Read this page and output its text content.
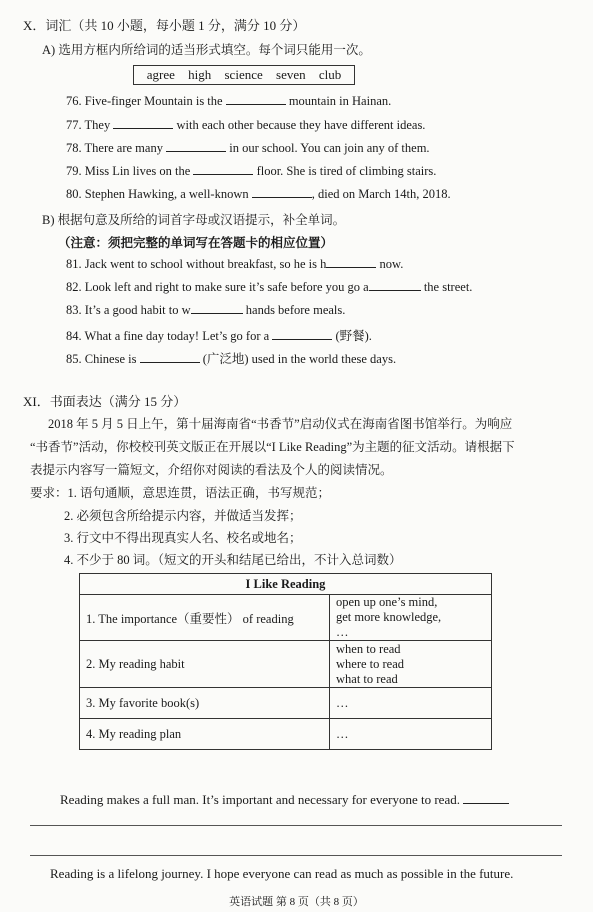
X．词汇（共 10 小题，每小题 1 分，满分 10 分）
A) 选用方框内所给词的适当形式填空。每个词只能用一次。
agree high science seven club
76. Five-finger Mountain is the	mountain in Hainan.
77. They	with each other because they have different ideas.
78. There are many	in our school. You can join any of them.
79. Miss Lin lives on the	floor. She is tired of climbing stairs.
80. Stephen Hawking, a well-known	, died on March 14th, 2018.
B) 根据句意及所给的词首字母或汉语提示，补全单词。
（注意：须把完整的单词写在答题卡的相应位置）
81. Jack went to school without breakfast, so he is h	now.
82. Look left and right to make sure it’s safe before you go a	the street.
83. It’s a good habit to w	hands before meals.
84. What a fine day today! Let’s go for a	(野餐).
85. Chinese is	(广泛地) used in the world these days.
XI．书面表达（满分 15 分）
2018 年 5 月 5 日上午，第十届海南省“书香节”启动仪式在海南省图书馆举行。为响应
“书香节”活动，你校校刊英文版正在开展以“I Like Reading”为主题的征文活动。请根据下
表提示内容写一篇短文，介绍你对阅读的看法及个人的阅读情况。
要求：1. 语句通顺，意思连贯，语法正确，书写规范；
2. 必须包含所给提示内容，并做适当发挥；
3. 行文中不得出现真实人名、校名或地名；
4. 不少于 80 词。（短文的开头和结尾已给出，不计入总词数）
I Like Reading	
1. The importance（重要性） of reading	open up one’s mind,
get more knowledge,
…

2. My reading habit	when to read
where to read
what to read

3. My favorite book(s)	…

4. My reading plan	…
Reading makes a full man. It’s important and necessary for everyone to read.
Reading is a lifelong journey. I hope everyone can read as much as possible in the future.
英语试题 第 8 页（共 8 页）
